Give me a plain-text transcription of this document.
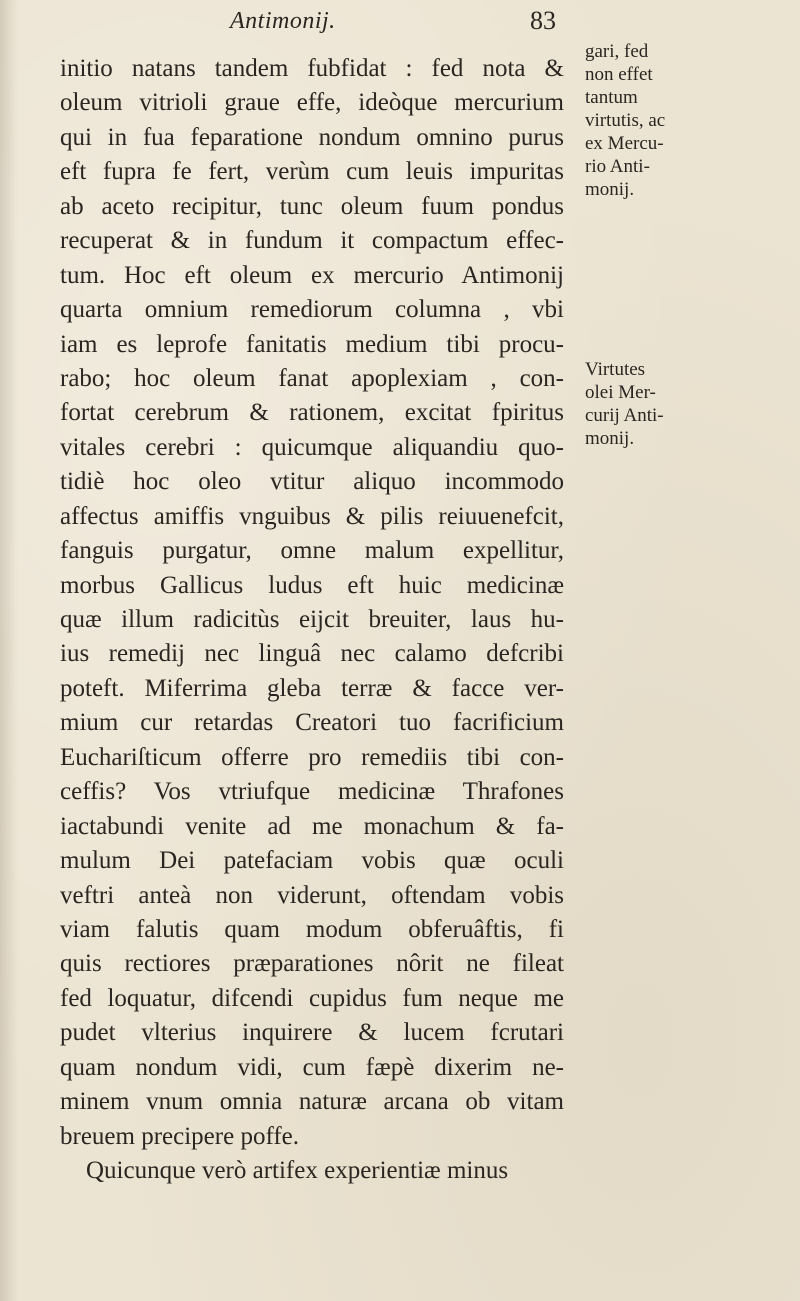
Antimonij.	83
initio natans tandem fubfidat : fed nota &
oleum vitrioli graue effe, ideòque mercurium
qui in fua feparatione nondum omnino purus
eft fupra fe fert, verùm cum leuis impuritas
ab aceto recipitur, tunc oleum fuum pondus
recuperat & in fundum it compactum effec-
tum. Hoc eft oleum ex mercurio Antimonij
quarta omnium remediorum columna , vbi
iam es leprofe fanitatis medium tibi procu-
rabo; hoc oleum fanat apoplexiam , con-
fortat cerebrum & rationem, excitat fpiritus
vitales cerebri : quicumque aliquandiu quo-
tidiè hoc oleo vtitur aliquo incommodo
affectus amiffis vnguibus & pilis reiuuenefcit,
fanguis purgatur, omne malum expellitur,
morbus Gallicus ludus eft huic medicinæ
quæ illum radicitùs eijcit breuiter, laus hu-
ius remedij nec linguâ nec calamo defcribi
poteft. Miferrima gleba terræ & facce ver-
mium cur retardas Creatori tuo facrificium
Euchariſticum offerre pro remediis tibi con-
ceffis? Vos vtriufque medicinæ Thrafones
iactabundi venite ad me monachum & fa-
mulum Dei patefaciam vobis quæ oculi
veftri anteà non viderunt, oftendam vobis
viam falutis quam modum obferuâftis, fi
quis rectiores præparationes nôrit ne fileat
fed loquatur, difcendi cupidus fum neque me
pudet vlterius inquirere & lucem fcrutari
quam nondum vidi, cum fæpè dixerim ne-
minem vnum omnia naturæ arcana ob vitam
breuem precipere poffe.
Quicunque verò artifex experientiæ minus
gari, fed
non effet
tantum
virtutis, ac
ex Mercu-
rio Anti-
monij.
Virtutes
olei Mer-
curij Anti-
monij.
